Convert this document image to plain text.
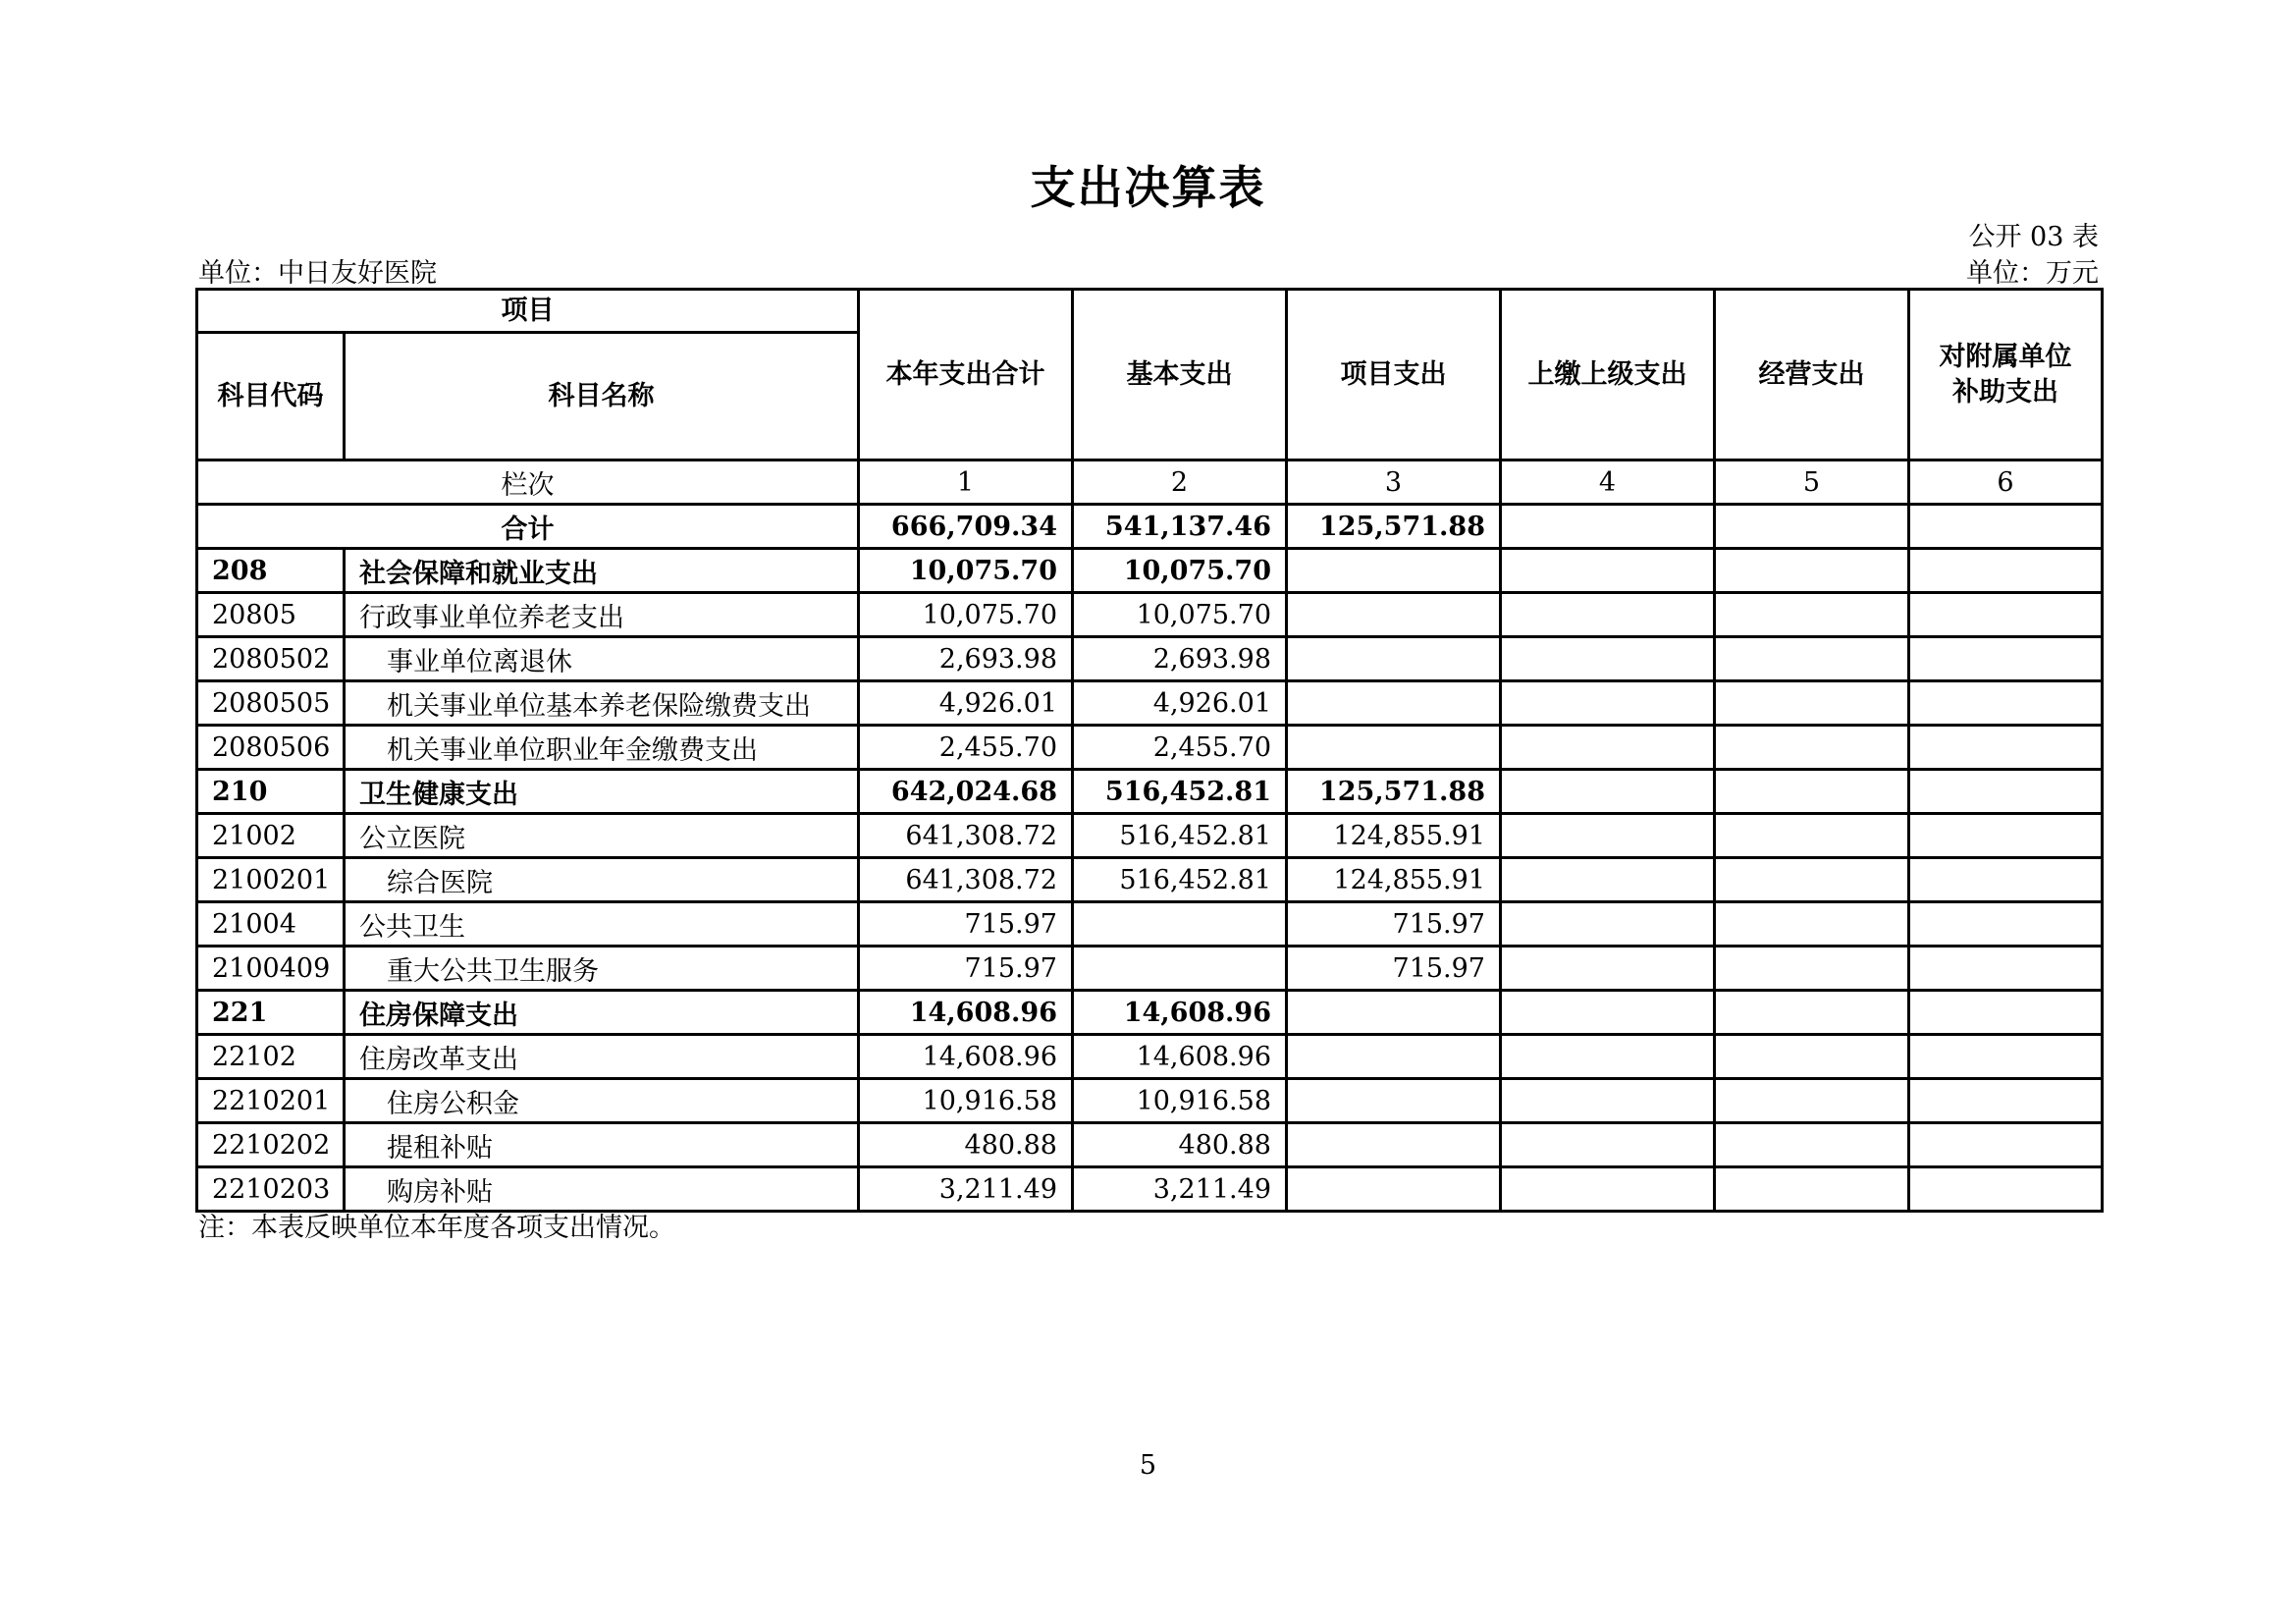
支出决算表
公开 03 表
单位：中日友好医院	单位：万元
项目		本年支出合计	基本支出	项目支出	上缴上级支出	经营支出	对附属单位补助支出
科目代码	科目名称						
栏次		1	2	3	4	5	6
合计		666,709.34	541,137.46	125,571.88			
208	社会保障和就业支出	10,075.70	10,075.70				
20805	行政事业单位养老支出	10,075.70	10,075.70				
2080502	事业单位离退休	2,693.98	2,693.98				
2080505	机关事业单位基本养老保险缴费支出	4,926.01	4,926.01				
2080506	机关事业单位职业年金缴费支出	2,455.70	2,455.70				
210	卫生健康支出	642,024.68	516,452.81	125,571.88			
21002	公立医院	641,308.72	516,452.81	124,855.91			
2100201	综合医院	641,308.72	516,452.81	124,855.91			
21004	公共卫生	715.97		715.97			
2100409	重大公共卫生服务	715.97		715.97			
221	住房保障支出	14,608.96	14,608.96				
22102	住房改革支出	14,608.96	14,608.96				
2210201	住房公积金	10,916.58	10,916.58				
2210202	提租补贴	480.88	480.88				
2210203	购房补贴	3,211.49	3,211.49				
注：本表反映单位本年度各项支出情况。
5
